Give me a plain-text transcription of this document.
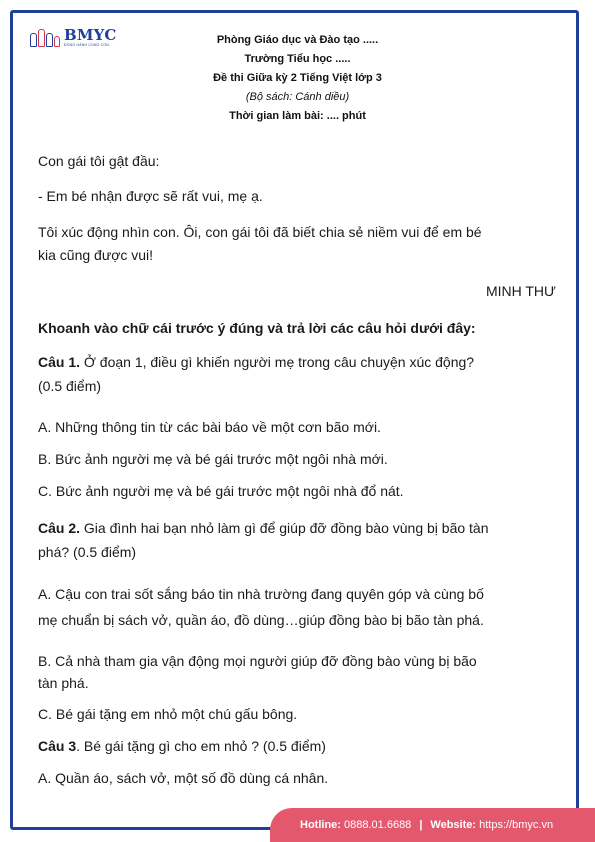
BMYC
ĐỒNG HÀNH CÙNG CON	Phòng Giáo dục và Đào tạo .....
Trường Tiểu học .....
Đề thi Giữa kỳ 2 Tiếng Việt lớp 3
(Bộ sách: Cánh diều)
Thời gian làm bài: .... phút
Con gái tôi gật đầu:
- Em bé nhận được sẽ rất vui, mẹ ạ.
Tôi xúc động nhìn con. Ôi, con gái tôi đã biết chia sẻ niềm vui để em bé
kia cũng được vui!
MINH THƯ
Khoanh vào chữ cái trước ý đúng và trả lời các câu hỏi dưới đây:
Câu 1. Ở đoạn 1, điều gì khiến người mẹ trong câu chuyện xúc động?
(0.5 điểm)
A. Những thông tin từ các bài báo về một cơn bão mới.
B. Bức ảnh người mẹ và bé gái trước một ngôi nhà mới.
C. Bức ảnh người mẹ và bé gái trước một ngôi nhà đổ nát.
Câu 2. Gia đình hai bạn nhỏ làm gì để giúp đỡ đồng bào vùng bị bão tàn
phá? (0.5 điểm)
A. Cậu con trai sốt sắng báo tin nhà trường đang quyên góp và cùng bố
mẹ chuẩn bị sách vở, quần áo, đồ dùng…giúp đồng bào bị bão tàn phá.
B. Cả nhà tham gia vận động mọi người giúp đỡ đồng bào vùng bị bão
tàn phá.
C. Bé gái tặng em nhỏ một chú gấu bông.
Câu 3. Bé gái tặng gì cho em nhỏ ? (0.5 điểm)
A. Quần áo, sách vở, một số đồ dùng cá nhân.
Hotline:
0888.01.6688 | Website:
https://bmyc.vn
